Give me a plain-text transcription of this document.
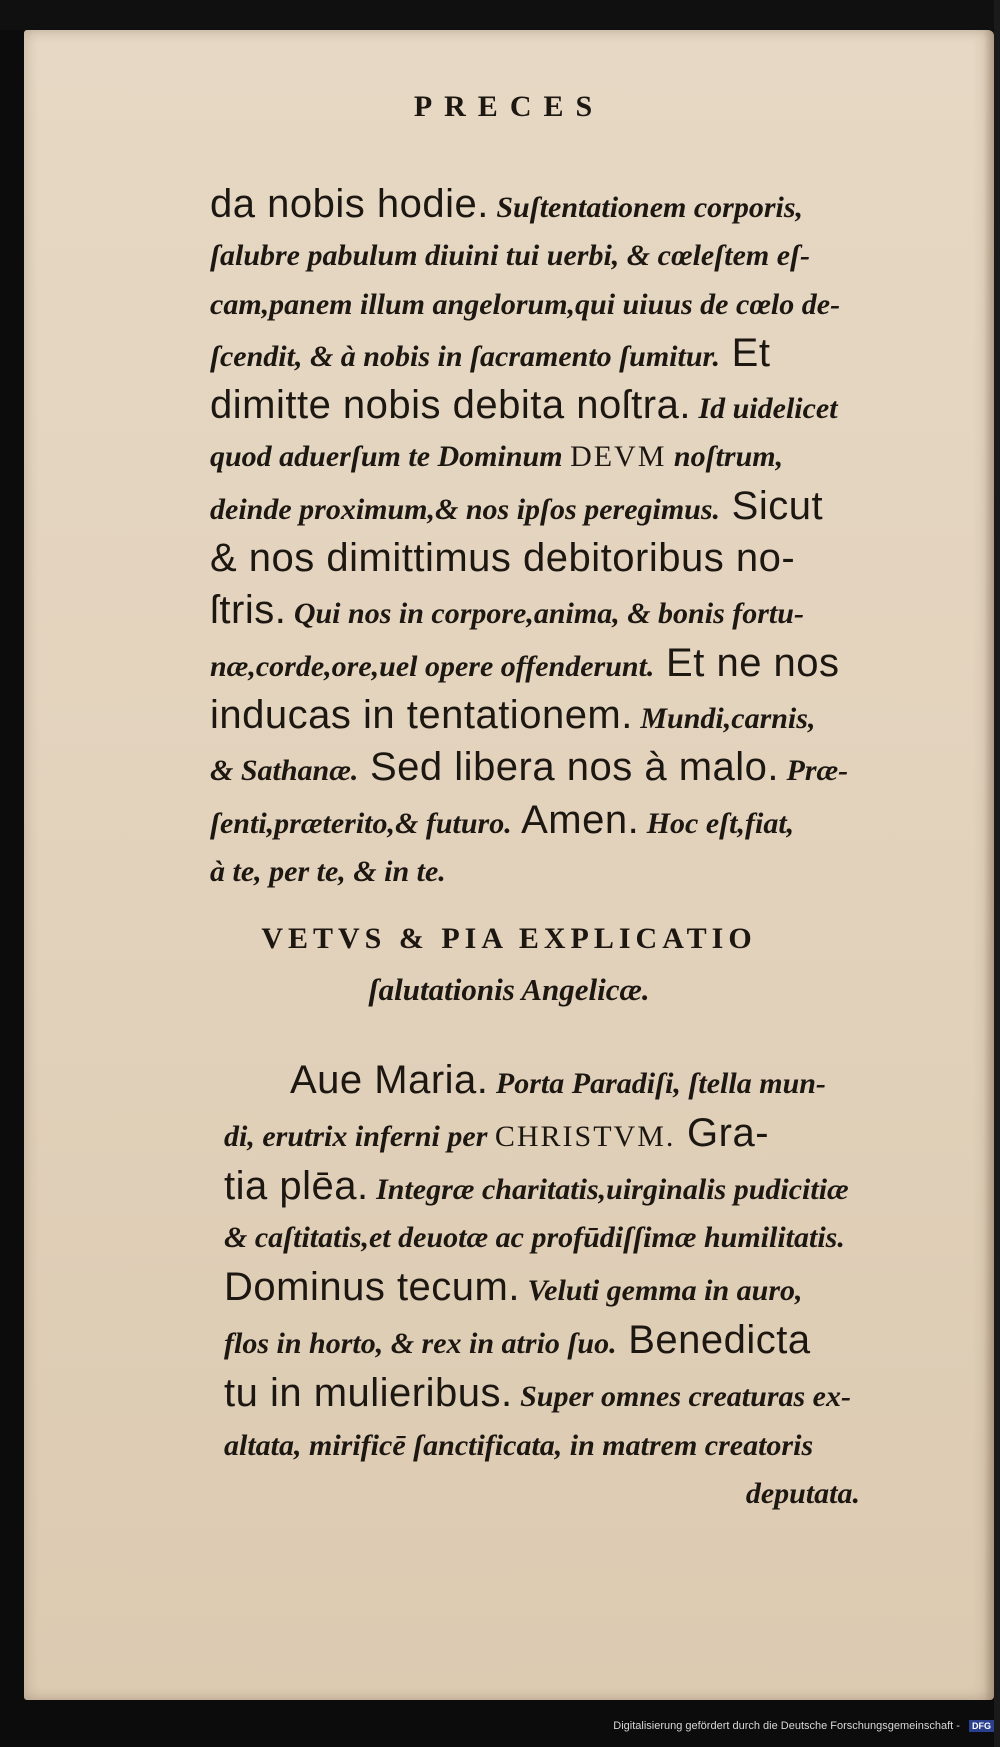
PRECES
da nobis hodie. Suſtentationem corporis,
ſalubre pabulum diuini tui uerbi, & cœleſtem eſ-
cam,panem illum angelorum,qui uiuus de cœlo de-
ſcendit, & à nobis in ſacramento ſumitur. Et
dimitte nobis debita noſtra. Id uidelicet
quod aduerſum te Dominum DEVM noſtrum,
deinde proximum,& nos ipſos peregimus. Sicut
& nos dimittimus debitoribus no-
ſtris. Qui nos in corpore,anima, & bonis fortu-
næ,corde,ore,uel opere offenderunt. Et ne nos
inducas in tentationem. Mundi,carnis,
& Sathanæ. Sed libera nos à malo. Præ-
ſenti,præterito,& futuro. Amen. Hoc eſt,fiat,
à te, per te, & in te.
VETVS & PIA EXPLICATIO
ſalutationis Angelicæ.
Aue Maria. Porta Paradiſi, ſtella mun-
di, erutrix inferni per CHRISTVM. Gra-
tia plēa. Integræ charitatis,uirginalis pudicitiæ
& caſtitatis,et deuotæ ac profūdiſſimæ humilitatis.
Dominus tecum. Veluti gemma in auro,
flos in horto, & rex in atrio ſuo. Benedicta
tu in mulieribus. Super omnes creaturas ex-
altata, mirificē ſanctificata, in matrem creatoris
deputata.
Digitalisierung gefördert durch die Deutsche Forschungsgemeinschaft - DFG
